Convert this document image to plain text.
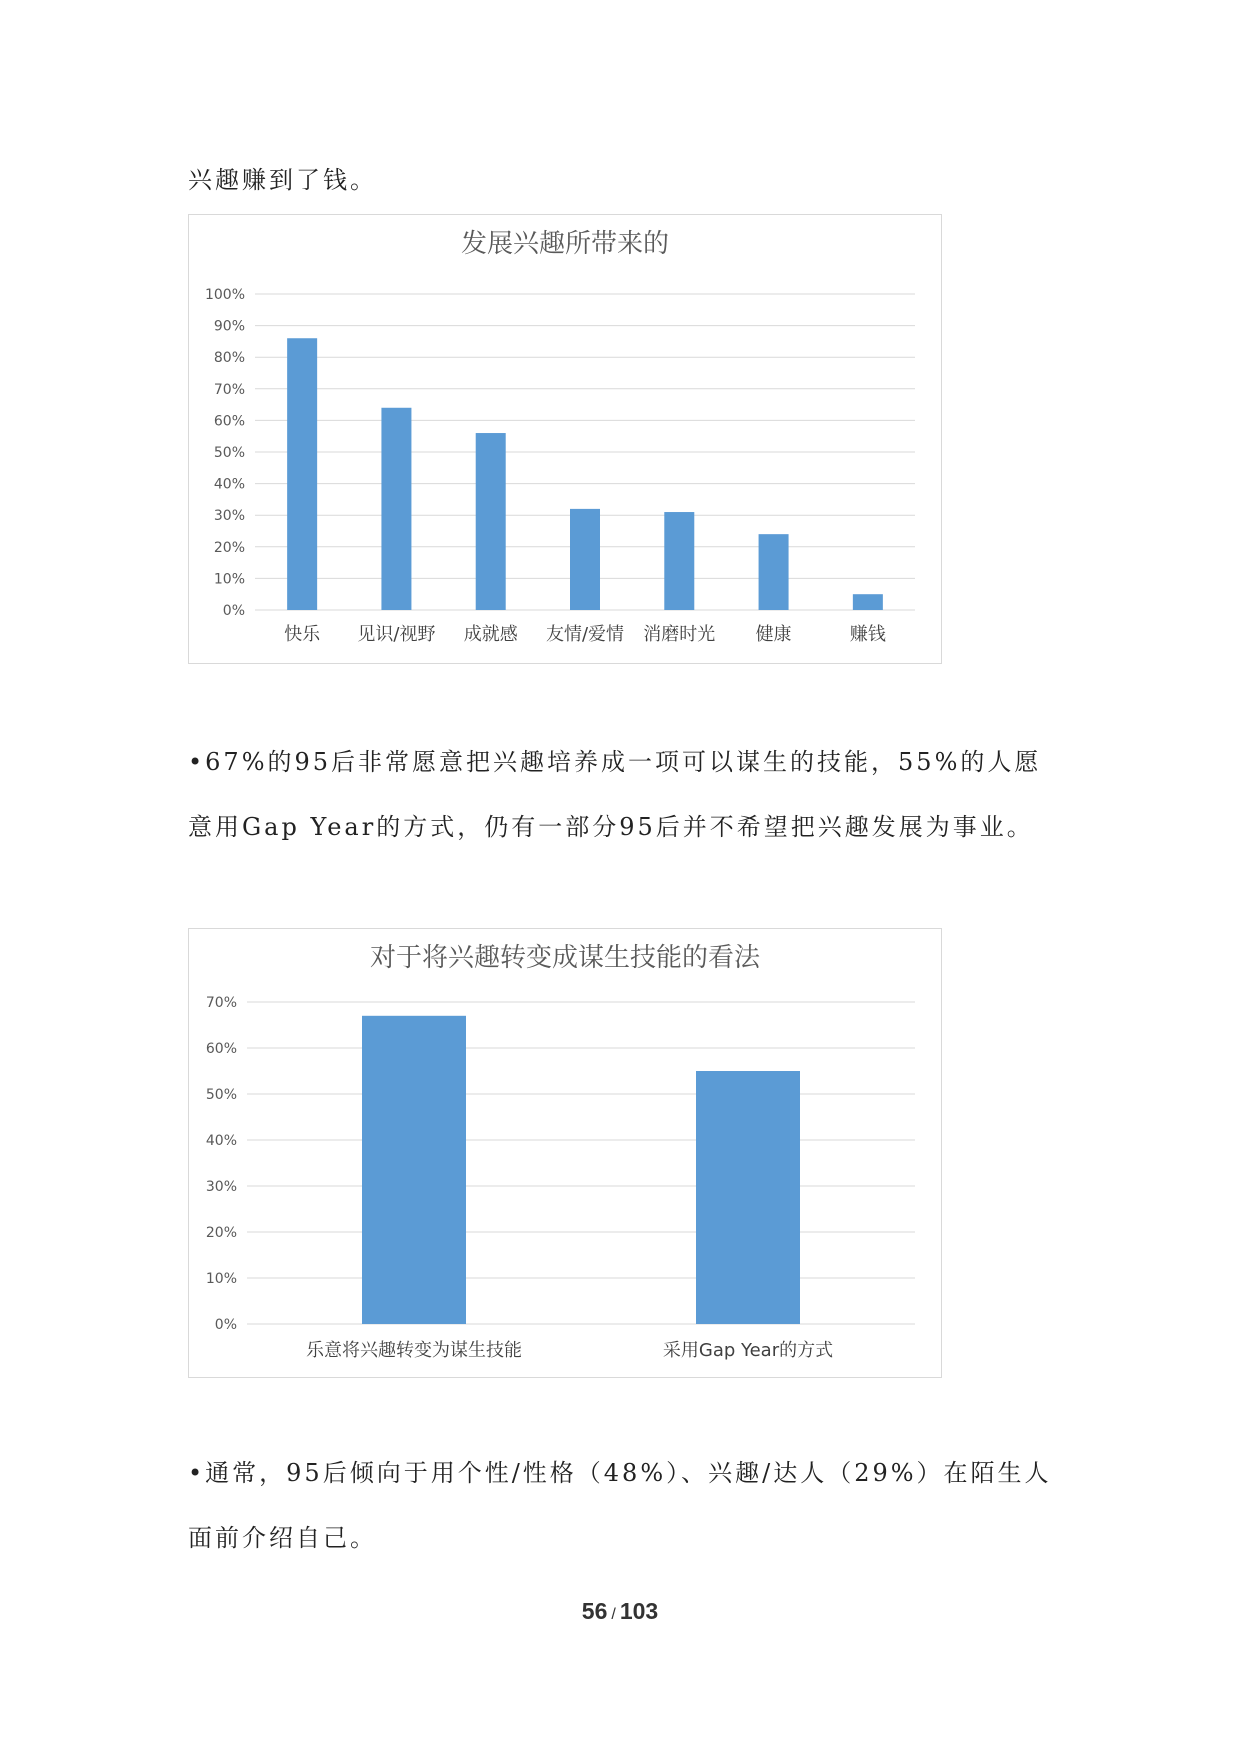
兴趣赚到了钱。

发展兴趣所带来的
0%
10%
20%
30%
40%
50%
60%
70%
80%
90%
100%
快乐 见识/视野 成就感 友情/爱情 消磨时光 健康	赚钱

•67%的95后非常愿意把兴趣培养成一项可以谋生的技能，55%的人愿意用Gap Year的方式，仍有一部分95后并不希望把兴趣发展为事业。

对于将兴趣转变成谋生技能的看法
0%
10%
20%
30%
40%
50%
60%
70%
乐意将兴趣转变为谋生技能	采用Gap Year的方式

•通常，95后倾向于用个性/性格（48%）、兴趣/达人（29%）在陌生人面前介绍自己。

56 / 103
